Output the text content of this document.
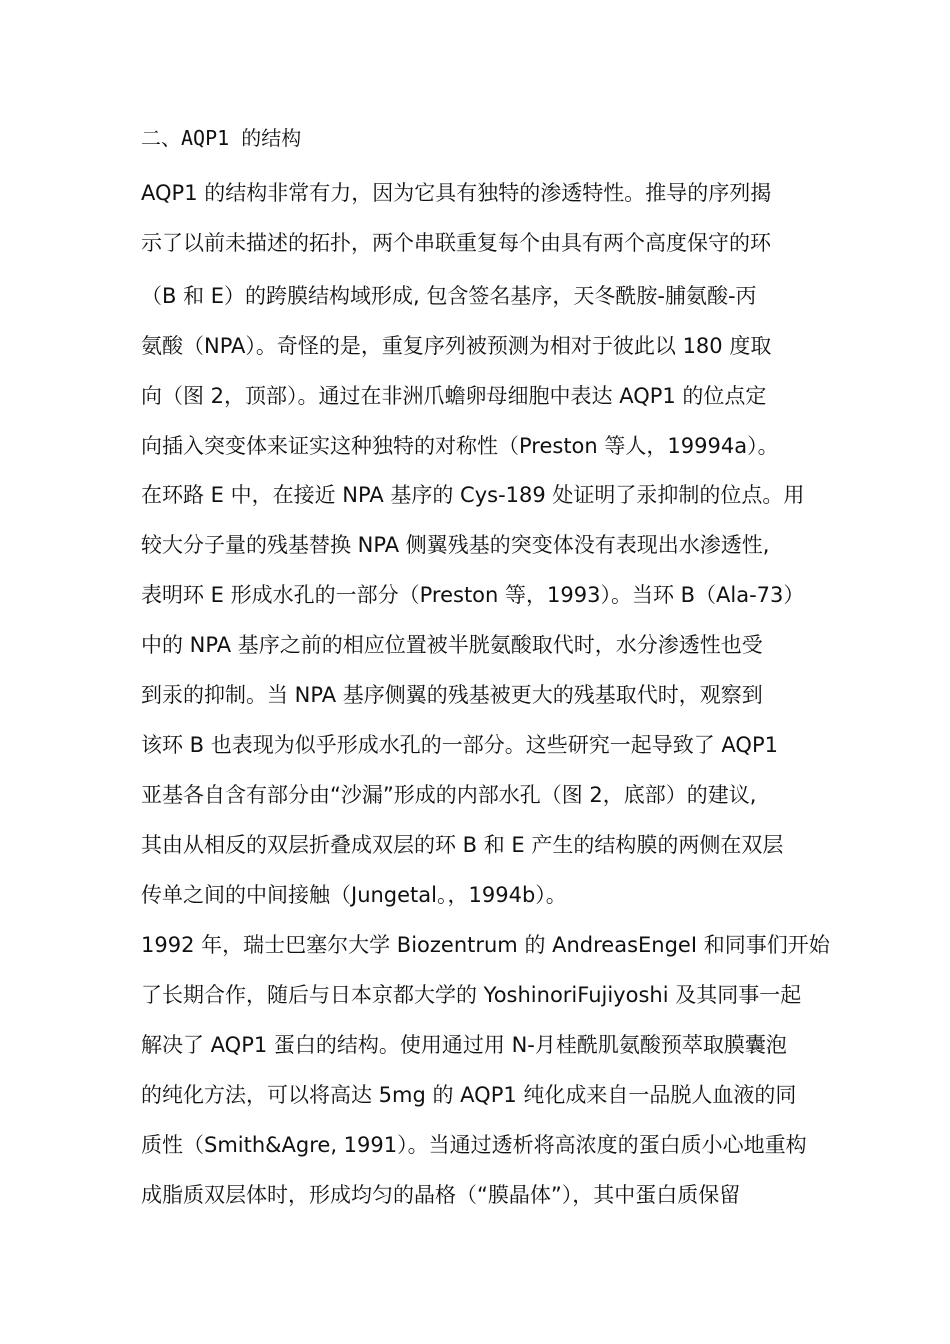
二、AQP1 的结构
AQP1 的结构非常有力，因为它具有独特的渗透特性。推导的序列揭
示了以前未描述的拓扑，两个串联重复每个由具有两个高度保守的环
（B 和 E）的跨膜结构域形成, 包含签名基序，天冬酰胺-脯氨酸-丙
氨酸（NPA）。奇怪的是，重复序列被预测为相对于彼此以 180 度取
向（图 2，顶部）。通过在非洲爪蟾卵母细胞中表达 AQP1 的位点定
向插入突变体来证实这种独特的对称性（Preston 等人，19994a）。
在环路 E 中，在接近 NPA 基序的 Cys-189 处证明了汞抑制的位点。用
较大分子量的残基替换 NPA 侧翼残基的突变体没有表现出水渗透性,
表明环 E 形成水孔的一部分（Preston 等，1993）。当环 B（Ala-73）
中的 NPA 基序之前的相应位置被半胱氨酸取代时，水分渗透性也受
到汞的抑制。当 NPA 基序侧翼的残基被更大的残基取代时，观察到
该环 B 也表现为似乎形成水孔的一部分。这些研究一起导致了 AQP1
亚基各自含有部分由“沙漏”形成的内部水孔（图 2，底部）的建议,
其由从相反的双层折叠成双层的环 B 和 E 产生的结构膜的两侧在双层
传单之间的中间接触（Jungetal。，1994b）。
1992 年，瑞士巴塞尔大学 Biozentrum 的 AndreasEngeI 和同事们开始
了长期合作，随后与日本京都大学的 YoshinoriFujiyoshi 及其同事一起
解决了 AQP1 蛋白的结构。使用通过用 N-月桂酰肌氨酸预萃取膜囊泡
的纯化方法，可以将高达 5mg 的 AQP1 纯化成来自一品脱人血液的同
质性（Smith&Agre, 1991）。当通过透析将高浓度的蛋白质小心地重构
成脂质双层体时，形成均匀的晶格（“膜晶体”），其中蛋白质保留
